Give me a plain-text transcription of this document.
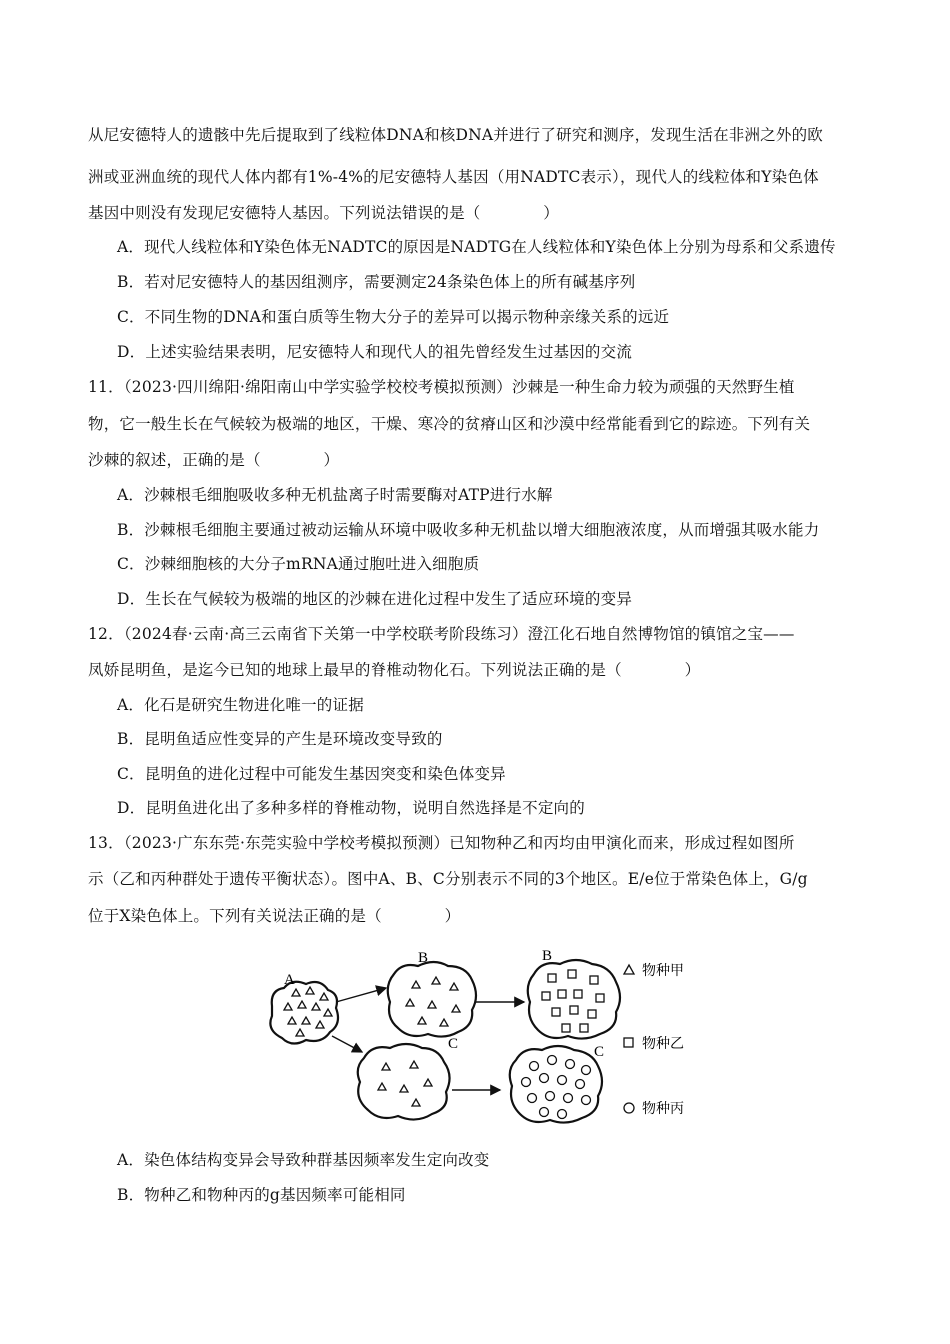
从尼安德特人的遗骸中先后提取到了线粒体DNA和核DNA并进行了研究和测序，发现生活在非洲之外的欧
洲或亚洲血统的现代人体内都有1%-4%的尼安德特人基因（用NADTC表示），现代人的线粒体和Y染色体
基因中则没有发现尼安德特人基因。下列说法错误的是（　　　　）
A．现代人线粒体和Y染色体无NADTC的原因是NADTG在人线粒体和Y染色体上分别为母系和父系遗传
B．若对尼安德特人的基因组测序，需要测定24条染色体上的所有碱基序列
C．不同生物的DNA和蛋白质等生物大分子的差异可以揭示物种亲缘关系的远近
D．上述实验结果表明，尼安德特人和现代人的祖先曾经发生过基因的交流
11．（2023·四川绵阳·绵阳南山中学实验学校校考模拟预测）沙棘是一种生命力较为顽强的天然野生植
物，它一般生长在气候较为极端的地区，干燥、寒冷的贫瘠山区和沙漠中经常能看到它的踪迹。下列有关
沙棘的叙述，正确的是（　　　　）
A．沙棘根毛细胞吸收多种无机盐离子时需要酶对ATP进行水解
B．沙棘根毛细胞主要通过被动运输从环境中吸收多种无机盐以增大细胞液浓度，从而增强其吸水能力
C．沙棘细胞核的大分子mRNA通过胞吐进入细胞质
D．生长在气候较为极端的地区的沙棘在进化过程中发生了适应环境的变异
12．（2024春·云南·高三云南省下关第一中学校联考阶段练习）澄江化石地自然博物馆的镇馆之宝——
凤娇昆明鱼，是迄今已知的地球上最早的脊椎动物化石。下列说法正确的是（　　　　）
A．化石是研究生物进化唯一的证据
B．昆明鱼适应性变异的产生是环境改变导致的
C．昆明鱼的进化过程中可能发生基因突变和染色体变异
D．昆明鱼进化出了多种多样的脊椎动物，说明自然选择是不定向的
13．（2023·广东东莞·东莞实验中学校考模拟预测）已知物种乙和丙均由甲演化而来，形成过程如图所
示（乙和丙种群处于遗传平衡状态）。图中A、B、C分别表示不同的3个地区。E/e位于常染色体上，G/g
位于X染色体上。下列有关说法正确的是（　　　　）
A
B	B
C	C
物种甲
物种乙
物种丙
A．染色体结构变异会导致种群基因频率发生定向改变
B．物种乙和物种丙的g基因频率可能相同
